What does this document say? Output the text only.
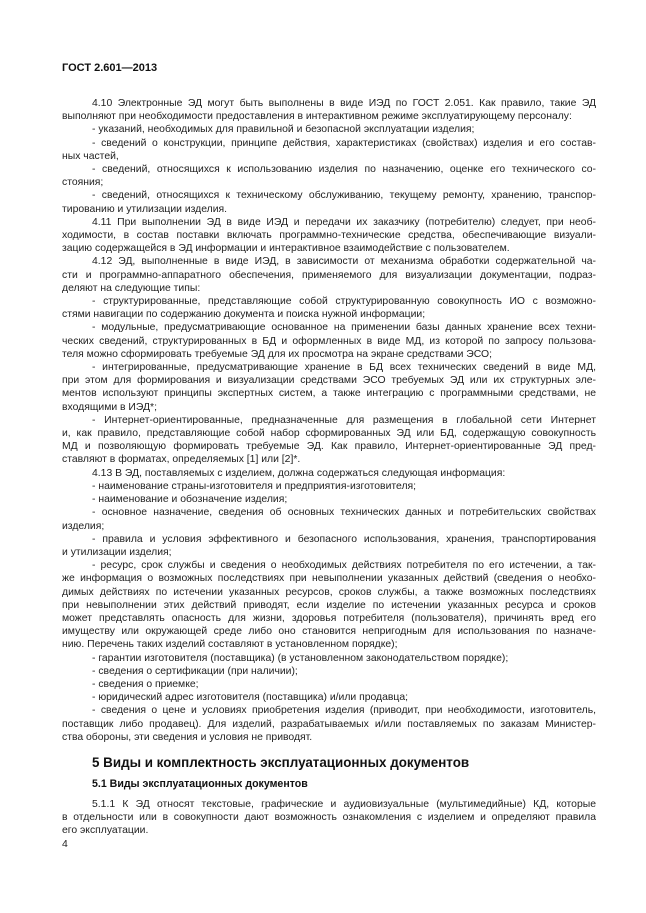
ГОСТ 2.601—2013
4.10 Электронные ЭД могут быть выполнены в виде ИЭД по ГОСТ 2.051. Как правило, такие ЭД
выполняют при необходимости предоставления в интерактивном режиме эксплуатирующему персоналу:
- указаний, необходимых для правильной и безопасной эксплуатации изделия;
- сведений о конструкции, принципе действия, характеристиках (свойствах) изделия и его состав-
ных частей,
- сведений, относящихся к использованию изделия по назначению, оценке его технического со-
стояния;
- сведений, относящихся к техническому обслуживанию, текущему ремонту, хранению, транспор-
тированию и утилизации изделия.
4.11 При выполнении ЭД в виде ИЭД и передачи их заказчику (потребителю) следует, при необ-
ходимости, в состав поставки включать программно-технические средства, обеспечивающие визуали-
зацию содержащейся в ЭД информации и интерактивное взаимодействие с пользователем.
4.12 ЭД, выполненные в виде ИЭД, в зависимости от механизма обработки содержательной ча-
сти и программно-аппаратного обеспечения, применяемого для визуализации документации, подраз-
деляют на следующие типы:
- структурированные, представляющие собой структурированную совокупность ИО с возможно-
стями навигации по содержанию документа и поиска нужной информации;
- модульные, предусматривающие основанное на применении базы данных хранение всех техни-
ческих сведений, структурированных в БД и оформленных в виде МД, из которой по запросу пользова-
теля можно сформировать требуемые ЭД для их просмотра на экране средствами ЭСО;
- интегрированные, предусматривающие хранение в БД всех технических сведений в виде МД,
при этом для формирования и визуализации средствами ЭСО требуемых ЭД или их структурных эле-
ментов используют принципы экспертных систем, а также интеграцию с программными средствами, не
входящими в ИЭД*;
- Интернет-ориентированные, предназначенные для размещения в глобальной сети Интернет
и, как правило, представляющие собой набор сформированных ЭД или БД, содержащую совокупность
МД и позволяющую формировать требуемые ЭД. Как правило, Интернет-ориентированные ЭД пред-
ставляют в форматах, определяемых [1] или [2]*.
4.13 В ЭД, поставляемых с изделием, должна содержаться следующая информация:
- наименование страны-изготовителя и предприятия-изготовителя;
- наименование и обозначение изделия;
- основное назначение, сведения об основных технических данных и потребительских свойствах
изделия;
- правила и условия эффективного и безопасного использования, хранения, транспортирования
и утилизации изделия;
- ресурс, срок службы и сведения о необходимых действиях потребителя по его истечении, а так-
же информация о возможных последствиях при невыполнении указанных действий (сведения о необхо-
димых действиях по истечении указанных ресурсов, сроков службы, а также возможных последствиях
при невыполнении этих действий приводят, если изделие по истечении указанных ресурса и сроков
может представлять опасность для жизни, здоровья потребителя (пользователя), причинять вред его
имуществу или окружающей среде либо оно становится непригодным для использования по назначе-
нию. Перечень таких изделий составляют в установленном порядке);
- гарантии изготовителя (поставщика) (в установленном законодательством порядке);
- сведения о сертификации (при наличии);
- сведения о приемке;
- юридический адрес изготовителя (поставщика) и/или продавца;
- сведения о цене и условиях приобретения изделия (приводит, при необходимости, изготовитель,
поставщик либо продавец). Для изделий, разрабатываемых и/или поставляемых по заказам Министер-
ства обороны, эти сведения и условия не приводят.
5 Виды и комплектность эксплуатационных документов
5.1 Виды эксплуатационных документов
5.1.1 К ЭД относят текстовые, графические и аудиовизуальные (мультимедийные) КД, которые
в отдельности или в совокупности дают возможность ознакомления с изделием и определяют правила
его эксплуатации.
4
